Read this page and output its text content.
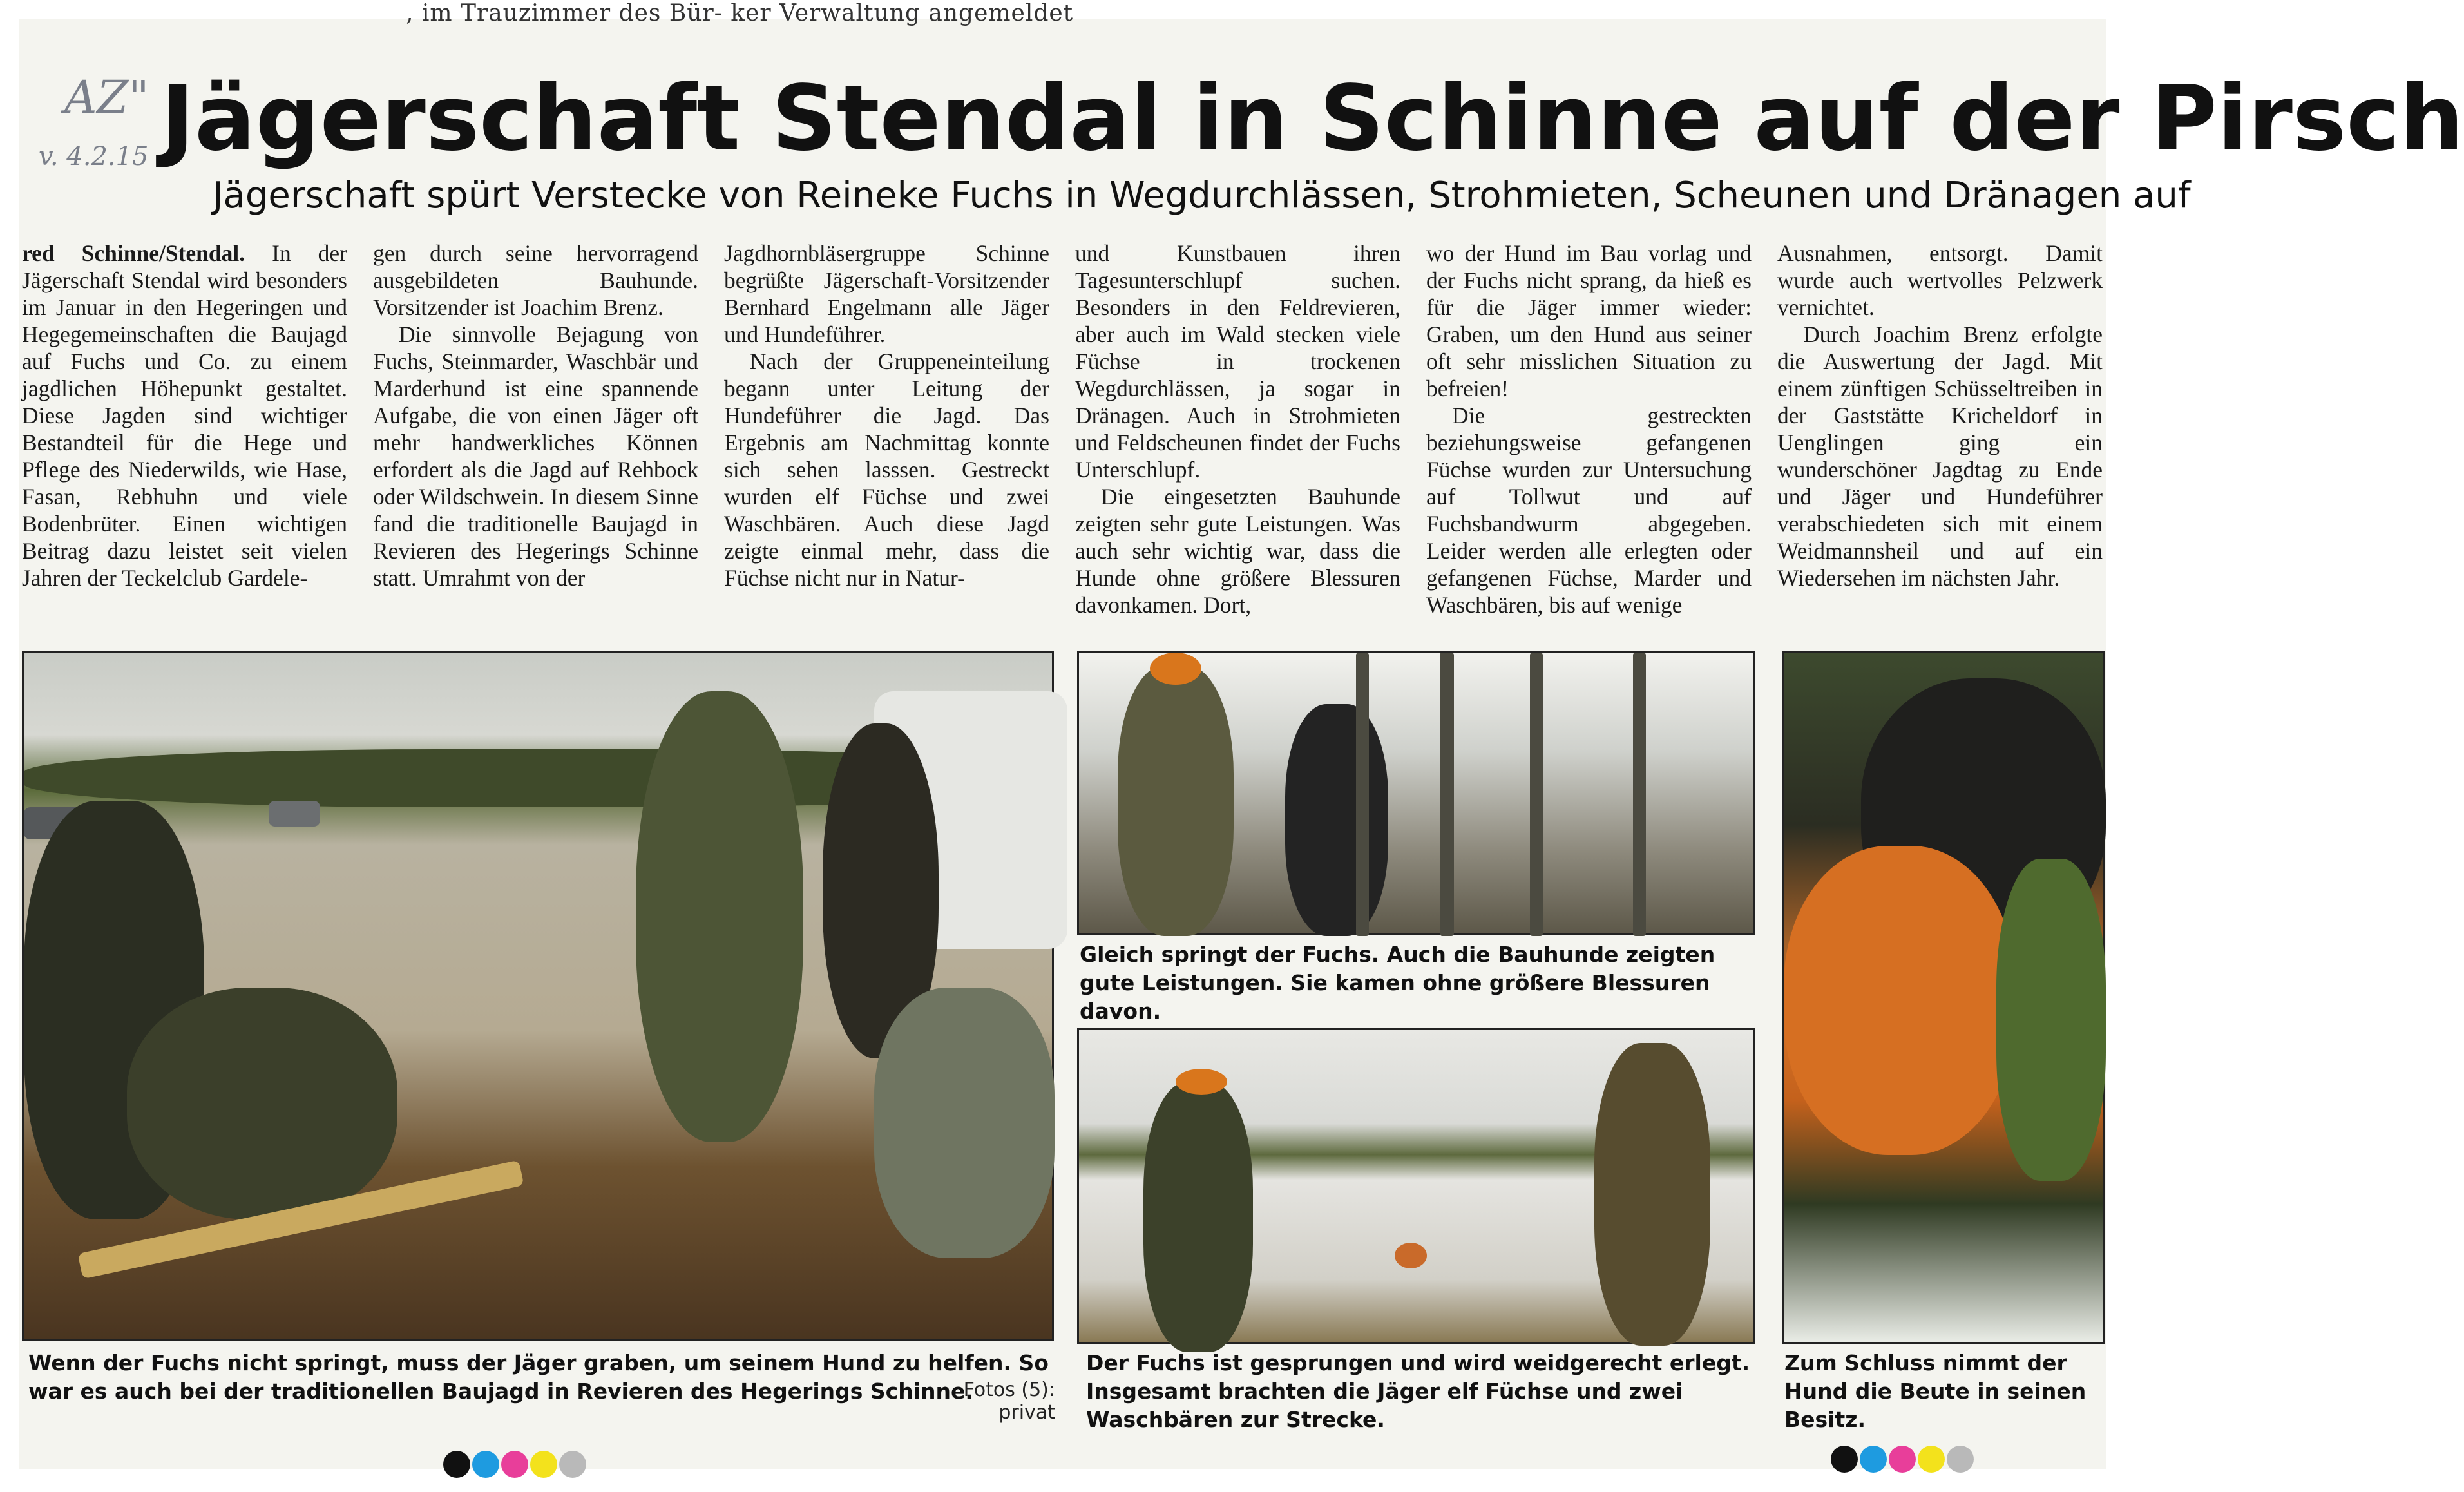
, im Trauzimmer des Bür- ker Verwaltung angemeldet
AZ"
v. 4.2.15 Jägerschaft Stendal in Schinne auf der Pirsch
Jägerschaft spürt Verstecke von Reineke Fuchs in Wegdurchlässen, Strohmieten, Scheunen und Dränagen auf

red Schinne/Stendal. In der Jägerschaft Stendal wird besonders im Januar in den Hegeringen und Hegegemeinschaften die Baujagd auf Fuchs und Co. zu einem jagdlichen Höhepunkt gestaltet. Diese Jagden sind wichtiger Bestandteil für die Hege und Pflege des Niederwilds, wie Hase, Fasan, Rebhuhn und viele Bodenbrüter. Einen wichtigen Beitrag dazu leistet seit vielen Jahren der Teckelclub Gardele-

gen durch seine hervorragend ausgebildeten Bauhunde. Vorsitzender ist Joachim Brenz.

Die sinnvolle Bejagung von Fuchs, Steinmarder, Waschbär und Marderhund ist eine spannende Aufgabe, die von einen Jäger oft mehr handwerkliches Können erfordert als die Jagd auf Rehbock oder Wildschwein. In diesem Sinne fand die traditionelle Baujagd in Revieren des Hegerings Schinne statt. Umrahmt von der

Jagdhornbläsergruppe Schinne begrüßte Jägerschaft-Vorsitzender Bernhard Engelmann alle Jäger und Hundeführer.

Nach der Gruppeneinteilung begann unter Leitung der Hundeführer die Jagd. Das Ergebnis am Nachmittag konnte sich sehen lasssen. Gestreckt wurden elf Füchse und zwei Waschbären. Auch diese Jagd zeigte einmal mehr, dass die Füchse nicht nur in Natur-

und Kunstbauen ihren Tagesunterschlupf suchen. Besonders in den Feldrevieren, aber auch im Wald stecken viele Füchse in trockenen Wegdurchlässen, ja sogar in Dränagen. Auch in Strohmieten und Feldscheunen findet der Fuchs Unterschlupf.

Die eingesetzten Bauhunde zeigten sehr gute Leistungen. Was auch sehr wichtig war, dass die Hunde ohne größere Blessuren davonkamen. Dort,

wo der Hund im Bau vorlag und der Fuchs nicht sprang, da hieß es für die Jäger immer wieder: Graben, um den Hund aus seiner oft sehr misslichen Situation zu befreien!

Die gestreckten beziehungsweise gefangenen Füchse wurden zur Untersuchung auf Tollwut und auf Fuchsbandwurm abgegeben. Leider werden alle erlegten oder gefangenen Füchse, Marder und Waschbären, bis auf wenige

Ausnahmen, entsorgt. Damit wurde auch wertvolles Pelzwerk vernichtet.

Durch Joachim Brenz erfolgte die Auswertung der Jagd. Mit einem zünftigen Schüsseltreiben in der Gaststätte Kricheldorf in Uenglingen ging ein wunderschöner Jagdtag zu Ende und Jäger und Hundeführer verabschiedeten sich mit einem Weidmannsheil und auf ein Wiedersehen im nächsten Jahr.

Wenn der Fuchs nicht springt, muss der Jäger graben, um seinem Hund zu helfen. So war es auch bei der traditionellen Baujagd in Revieren des Hegerings Schinne.
Fotos (5): privat
Gleich springt der Fuchs. Auch die Bauhunde zeigten gute Leistungen. Sie kamen ohne größere Blessuren davon.
Der Fuchs ist gesprungen und wird weidgerecht erlegt. Insgesamt brachten die Jäger elf Füchse und zwei Waschbären zur Strecke.
Zum Schluss nimmt der Hund die Beute in seinen Besitz.
